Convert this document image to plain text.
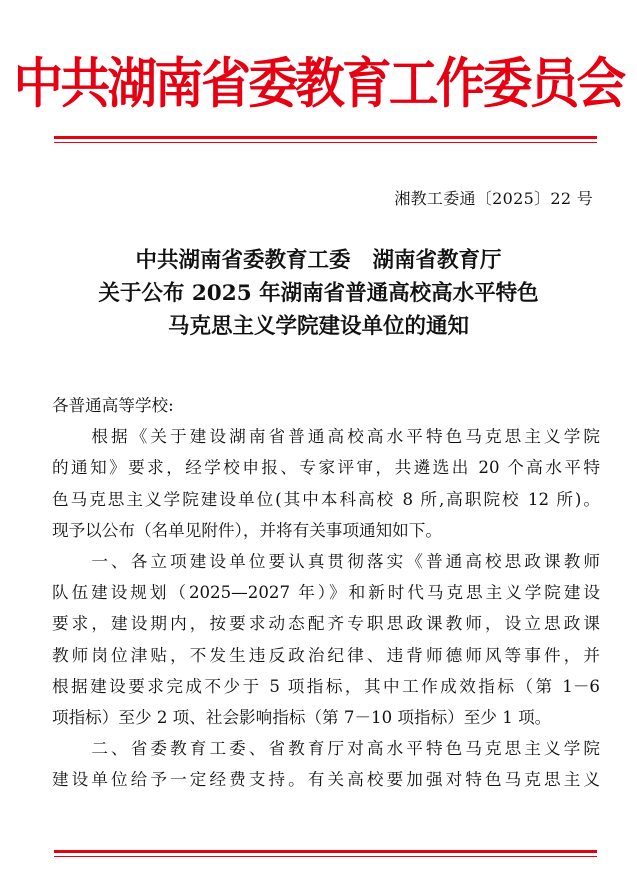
中共湖南省委教育工作委员会
湘教工委通〔2025〕22 号
中共湖南省委教育工委 湖南省教育厅
关于公布 2025 年湖南省普通高校高水平特色
马克思主义学院建设单位的通知

各普通高等学校:

　　根据《关于建设湖南省普通高校高水平特色马克思主义学院

的通知》要求，经学校申报、专家评审，共遴选出 20 个高水平特

色马克思主义学院建设单位(其中本科高校 8 所,高职院校 12 所)。

现予以公布（名单见附件），并将有关事项通知如下。

　　一、各立项建设单位要认真贯彻落实《普通高校思政课教师

队伍建设规划（2025—2027 年）》和新时代马克思主义学院建设

要求，建设期内，按要求动态配齐专职思政课教师，设立思政课

教师岗位津贴，不发生违反政治纪律、违背师德师风等事件，并

根据建设要求完成不少于 5 项指标，其中工作成效指标（第 1－6

项指标）至少 2 项、社会影响指标（第 7－10 项指标）至少 1 项。

　　二、省委教育工委、省教育厅对高水平特色马克思主义学院

建设单位给予一定经费支持。有关高校要加强对特色马克思主义
